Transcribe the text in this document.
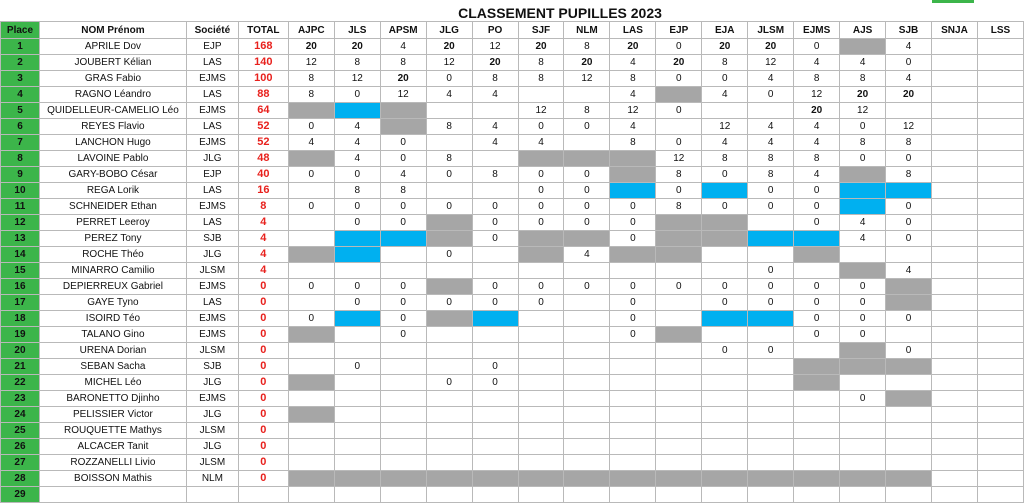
CLASSEMENT PUPILLES 2023
Place	NOM Prénom	Société	TOTAL	AJPC	JLS	APSM	JLG	PO	SJF	NLM	LAS	EJP	EJA	JLSM	EJMS	AJS	SJB	SNJA	LSS
1	APRILE Dov	EJP	168	20	20	4	20	12	20	8	20	0	20	20	0		4		
2	JOUBERT Kélian	LAS	140	12	8	8	12	20	8	20	4	20	8	12	4	4	0		
3	GRAS Fabio	EJMS	100	8	12	20	0	8	8	12	8	0	0	4	8	8	4		
4	RAGNO Léandro	LAS	88	8	0	12	4	4			4		4	0	12	20	20		
5	QUIDELLEUR-CAMELIO Léo	EJMS	64						12	8	12	0			20	12			
6	REYES Flavio	LAS	52	0	4		8	4	0	0	4		12	4	4	0	12		
7	LANCHON Hugo	EJMS	52	4	4	0		4	4		8	0	4	4	4	8	8		
8	LAVOINE Pablo	JLG	48		4	0	8					12	8	8	8	0	0		
9	GARY-BOBO César	EJP	40	0	0	4	0	8	0	0		8	0	8	4		8		
10	REGA Lorik	LAS	16		8	8			0	0		0		0	0				
11	SCHNEIDER Ethan	EJMS	8	0	0	0	0	0	0	0	0	8	0	0	0		0		
12	PERRET Leeroy	LAS	4		0	0		0	0	0	0				0	4	0		
13	PEREZ Tony	SJB	4					0			0					4	0		
14	ROCHE Théo	JLG	4				0			4									
15	MINARRO Camilio	JLSM	4											0			4		
16	DEPIERREUX Gabriel	EJMS	0	0	0	0		0	0	0	0	0	0	0	0	0			
17	GAYE Tyno	LAS	0		0	0	0	0	0		0		0	0	0	0			
18	ISOIRD Téo	EJMS	0	0		0					0				0	0	0		
19	TALANO Gino	EJMS	0			0					0				0	0			
20	URENA Dorian	JLSM	0										0	0			0		
21	SEBAN Sacha	SJB	0		0			0											
22	MICHEL Léo	JLG	0				0	0											
23	BARONETTO Djinho	EJMS	0													0			
24	PELISSIER Victor	JLG	0																
25	ROUQUETTE Mathys	JLSM	0																
26	ALCACER Tanit	JLG	0																
27	ROZZANELLI Livio	JLSM	0																
28	BOISSON Mathis	NLM	0																
29																			
